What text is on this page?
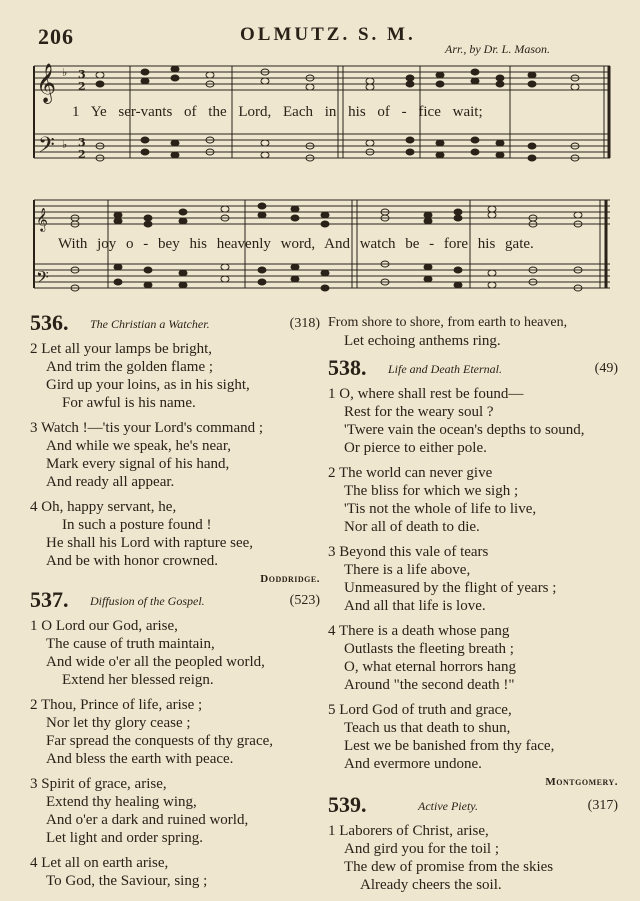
206	OLMUTZ. S. M.
Arr., by Dr. L. Mason.
𝄞
𝄢
𝄞
𝄢
♭
♭
3
2
3
2
1 Ye ser-vants of the Lord, Each in his of - fice wait;
With joy o - bey his heavenly word, And watch be - fore his gate.
536. The Christian a Watcher.	(318)
2 Let all your lamps be bright,
And trim the golden flame ;
Gird up your loins, as in his sight,
For awful is his name.
3 Watch !—'tis your Lord's command ;
And while we speak, he's near,
Mark every signal of his hand,
And ready all appear.
4 Oh, happy servant, he,
In such a posture found !
He shall his Lord with rapture see,
And be with honor crowned.
Doddridge.
537. Diffusion of the Gospel.	(523)
1 O Lord our God, arise,
The cause of truth maintain,
And wide o'er all the peopled world,
Extend her blessed reign.
2 Thou, Prince of life, arise ;
Nor let thy glory cease ;
Far spread the conquests of thy grace,
And bless the earth with peace.
3 Spirit of grace, arise,
Extend thy healing wing,
And o'er a dark and ruined world,
Let light and order spring.
4 Let all on earth arise,
To God, the Saviour, sing ;
From shore to shore, from earth to heaven,
Let echoing anthems ring.
538. Life and Death Eternal.	(49)
1 O, where shall rest be found—
Rest for the weary soul ?
'Twere vain the ocean's depths to sound,
Or pierce to either pole.
2 The world can never give
The bliss for which we sigh ;
'Tis not the whole of life to live,
Nor all of death to die.
3 Beyond this vale of tears
There is a life above,
Unmeasured by the flight of years ;
And all that life is love.
4 There is a death whose pang
Outlasts the fleeting breath ;
O, what eternal horrors hang
Around "the second death !"
5 Lord God of truth and grace,
Teach us that death to shun,
Lest we be banished from thy face,
And evermore undone.
Montgomery.
539.	Active Piety.	(317)
1 Laborers of Christ, arise,
And gird you for the toil ;
The dew of promise from the skies
Already cheers the soil.
